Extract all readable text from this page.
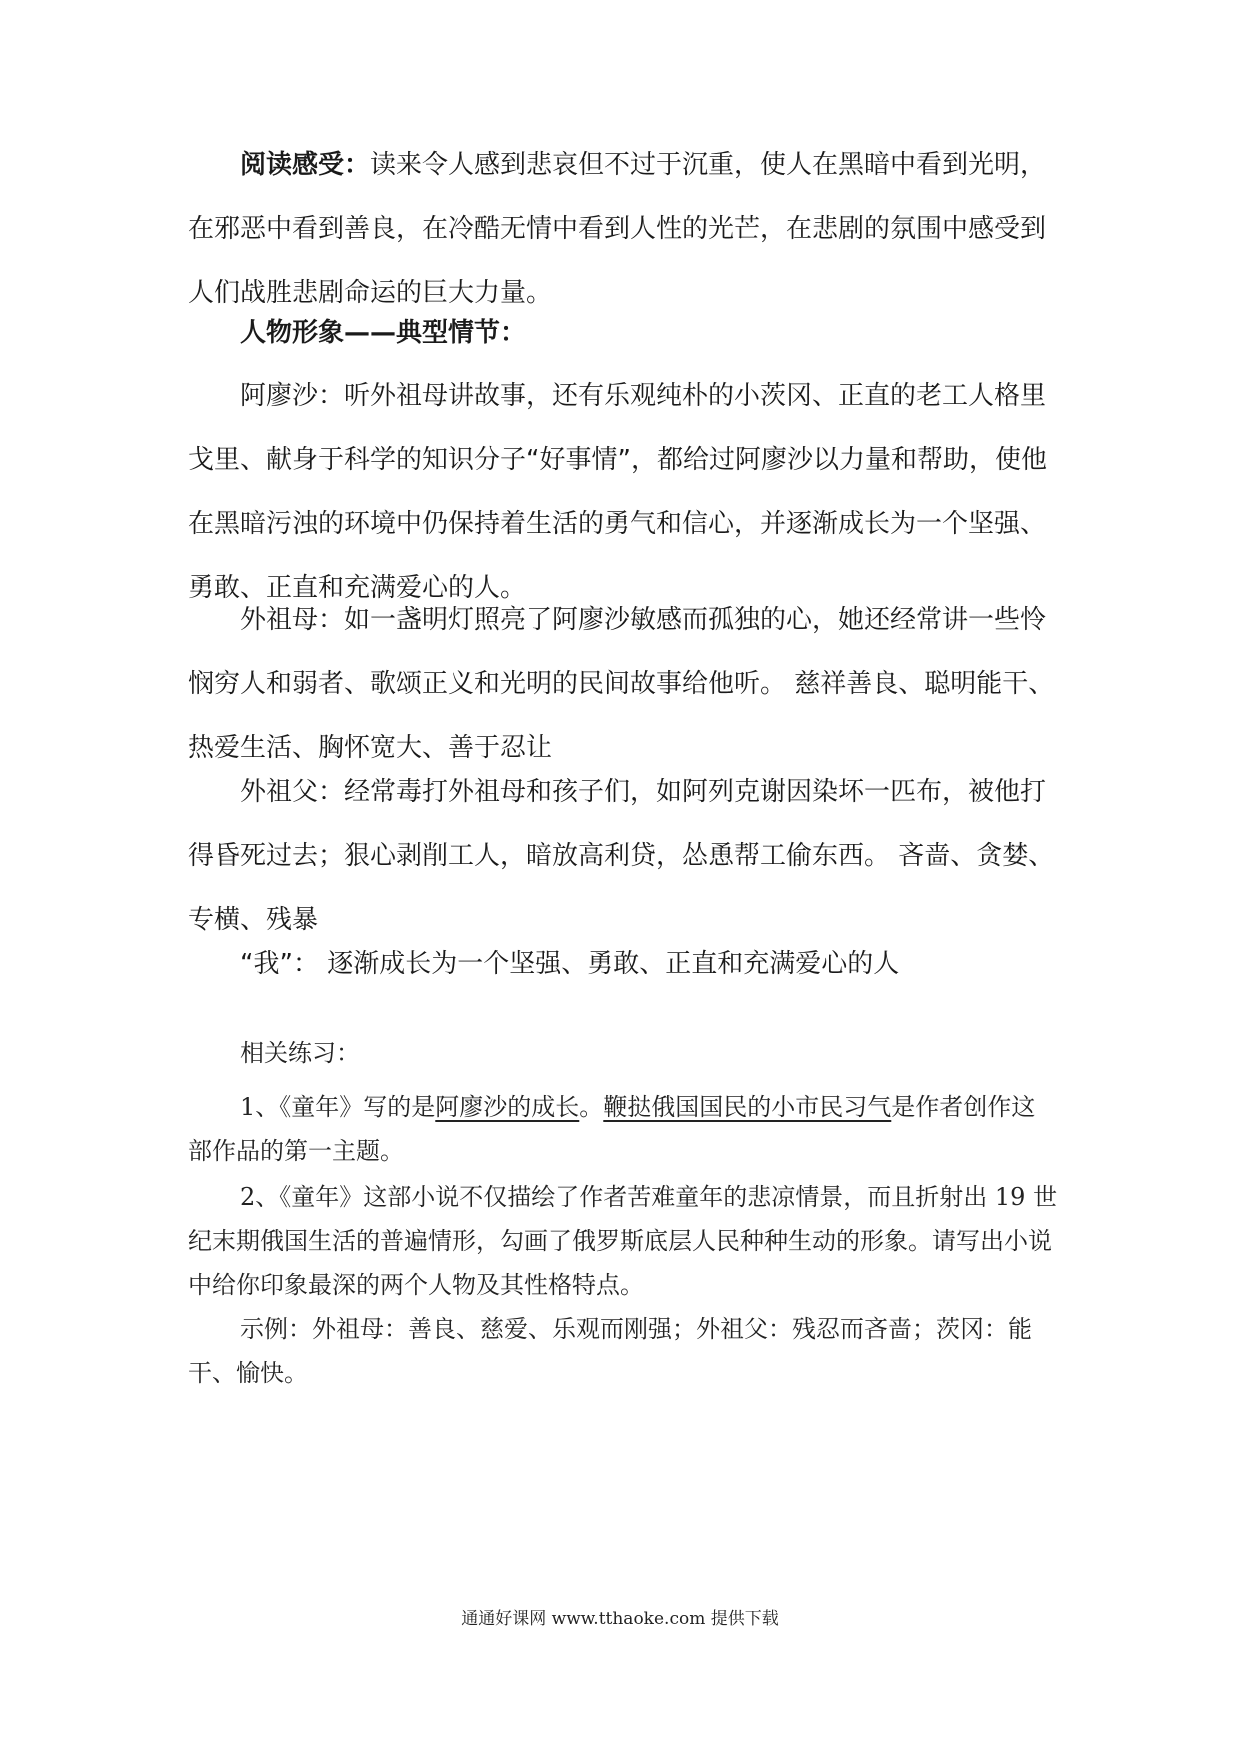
阅读感受：读来令人感到悲哀但不过于沉重，使人在黑暗中看到光明，在邪恶中看到善良，在冷酷无情中看到人性的光芒，在悲剧的氛围中感受到人们战胜悲剧命运的巨大力量。

人物形象——典型情节：

阿廖沙：听外祖母讲故事，还有乐观纯朴的小茨冈、正直的老工人格里戈里、献身于科学的知识分子“好事情”，都给过阿廖沙以力量和帮助，使他在黑暗污浊的环境中仍保持着生活的勇气和信心，并逐渐成长为一个坚强、勇敢、正直和充满爱心的人。

外祖母：如一盏明灯照亮了阿廖沙敏感而孤独的心，她还经常讲一些怜悯穷人和弱者、歌颂正义和光明的民间故事给他听。 慈祥善良、聪明能干、热爱生活、胸怀宽大、善于忍让

外祖父：经常毒打外祖母和孩子们，如阿列克谢因染坏一匹布，被他打得昏死过去；狠心剥削工人，暗放高利贷，怂恿帮工偷东西。 吝啬、贪婪、专横、残暴

“我”： 逐渐成长为一个坚强、勇敢、正直和充满爱心的人

相关练习：

1、《童年》写的是阿廖沙的成长。鞭挞俄国国民的小市民习气是作者创作这部作品的第一主题。

2、《童年》这部小说不仅描绘了作者苦难童年的悲凉情景，而且折射出 19 世纪末期俄国生活的普遍情形，勾画了俄罗斯底层人民种种生动的形象。请写出小说中给你印象最深的两个人物及其性格特点。

示例：外祖母：善良、慈爱、乐观而刚强；外祖父：残忍而吝啬；茨冈：能干、愉快。

通通好课网 www.tthaoke.com 提供下载
